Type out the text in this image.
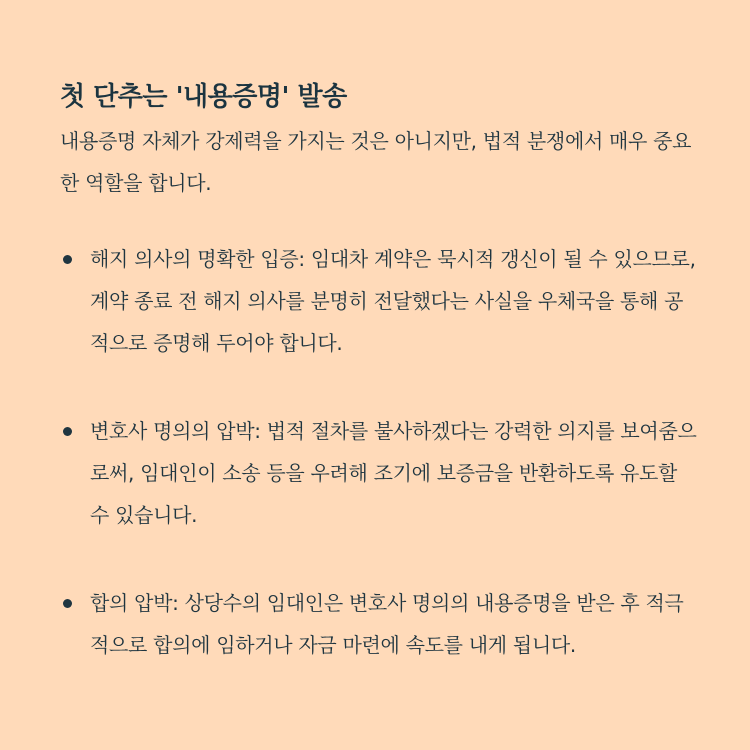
첫 단추는 '내용증명' 발송
내용증명 자체가 강제력을 가지는 것은 아니지만, 법적 분쟁에서 매우 중요한 역할을 합니다.
해지 의사의 명확한 입증: 임대차 계약은 묵시적 갱신이 될 수 있으므로, 계약 종료 전 해지 의사를 분명히 전달했다는 사실을 우체국을 통해 공적으로 증명해 두어야 합니다.
변호사 명의의 압박: 법적 절차를 불사하겠다는 강력한 의지를 보여줌으로써, 임대인이 소송 등을 우려해 조기에 보증금을 반환하도록 유도할 수 있습니다.
합의 압박: 상당수의 임대인은 변호사 명의의 내용증명을 받은 후 적극적으로 합의에 임하거나 자금 마련에 속도를 내게 됩니다.
